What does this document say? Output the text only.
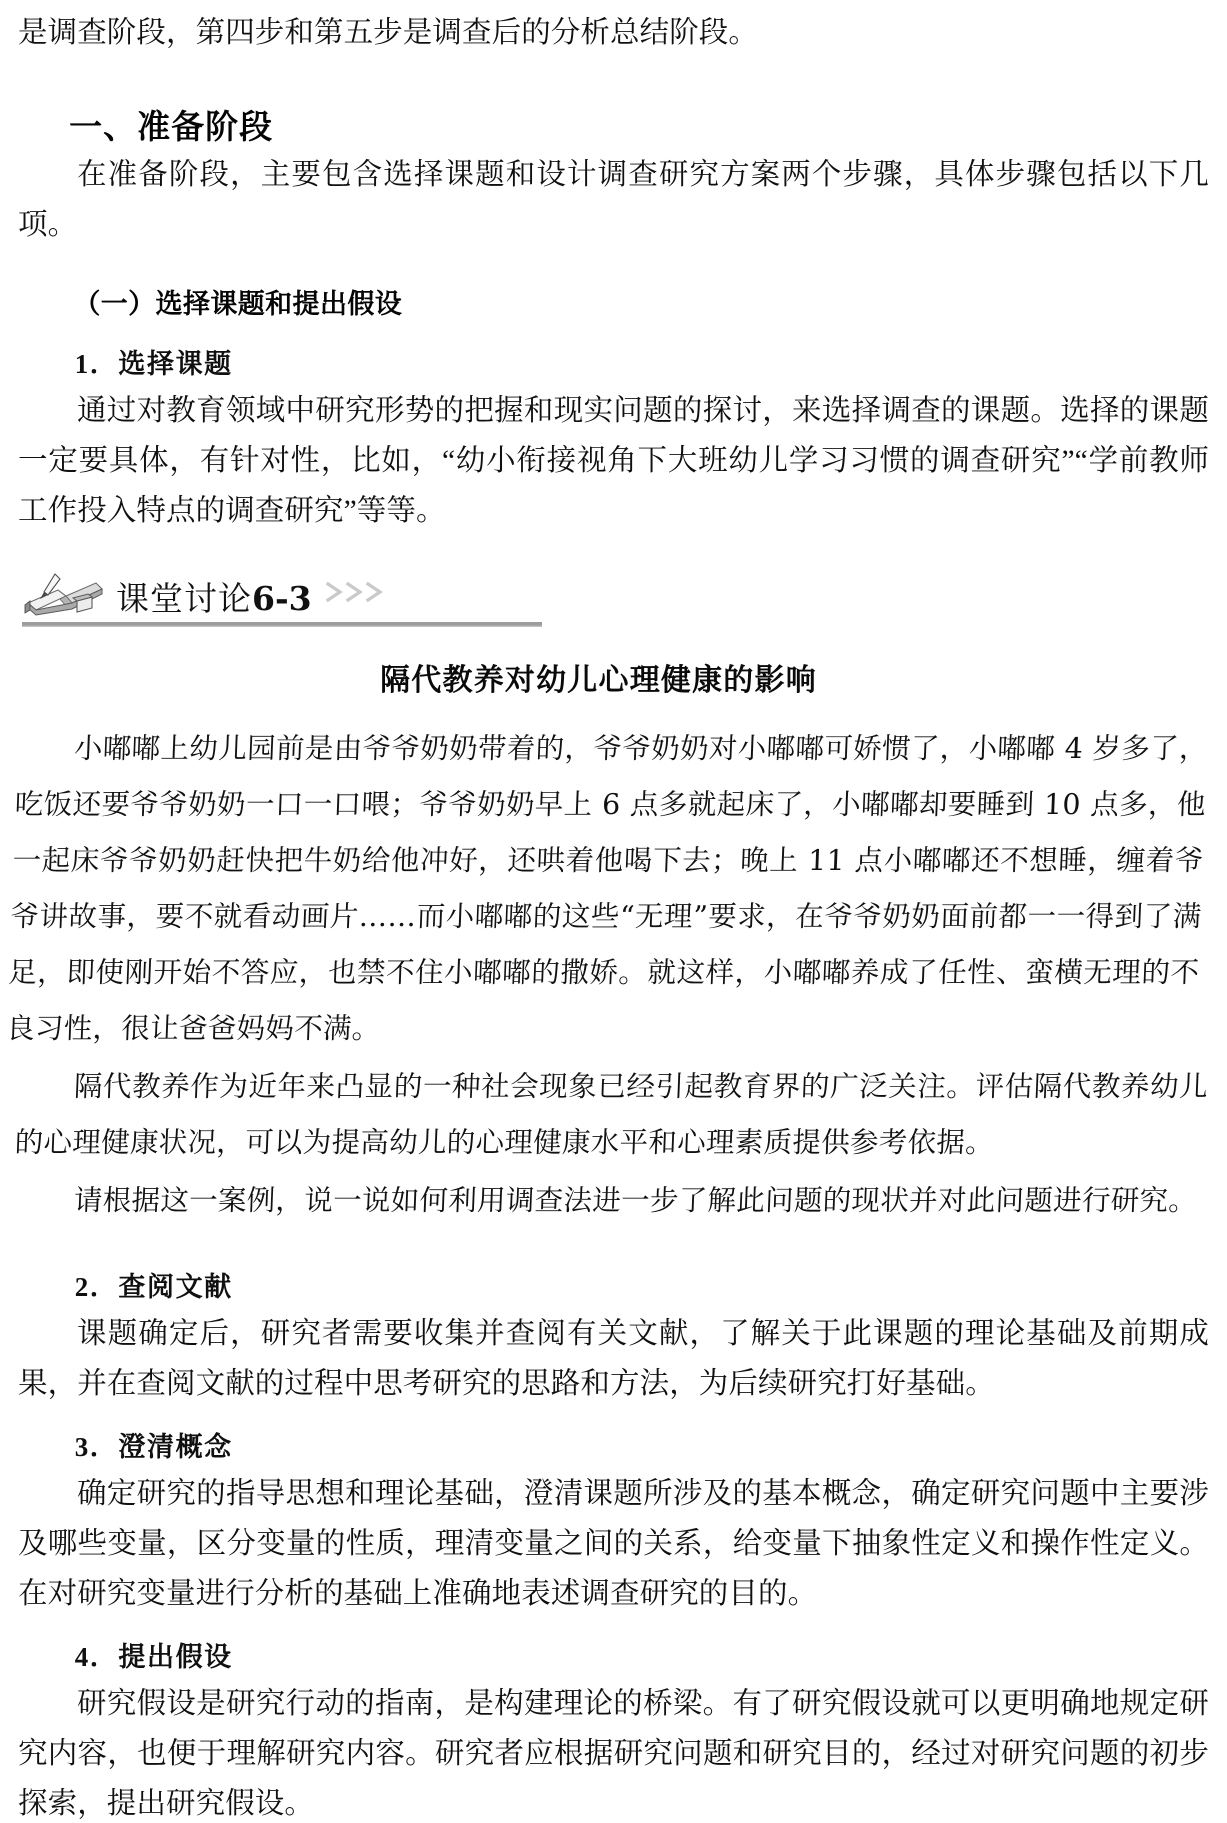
是调查阶段，第四步和第五步是调查后的分析总结阶段。

一、准备阶段

在准备阶段，主要包含选择课题和设计调查研究方案两个步骤，具体步骤包括以下几项。

（一）选择课题和提出假设
1．选择课题

通过对教育领域中研究形势的把握和现实问题的探讨，来选择调查的课题。选择的课题一定要具体，有针对性，比如，“幼小衔接视角下大班幼儿学习习惯的调查研究”“学前教师工作投入特点的调查研究”等等。

课堂讨论6-3
隔代教养对幼儿心理健康的影响

小嘟嘟上幼儿园前是由爷爷奶奶带着的，爷爷奶奶对小嘟嘟可娇惯了，小嘟嘟 4 岁多了，吃饭还要爷爷奶奶一口一口喂；爷爷奶奶早上 6 点多就起床了，小嘟嘟却要睡到 10 点多，他一起床爷爷奶奶赶快把牛奶给他冲好，还哄着他喝下去；晚上 11 点小嘟嘟还不想睡，缠着爷爷讲故事，要不就看动画片……而小嘟嘟的这些“无理”要求，在爷爷奶奶面前都一一得到了满足，即使刚开始不答应，也禁不住小嘟嘟的撒娇。就这样，小嘟嘟养成了任性、蛮横无理的不良习性，很让爸爸妈妈不满。

隔代教养作为近年来凸显的一种社会现象已经引起教育界的广泛关注。评估隔代教养幼儿的心理健康状况，可以为提高幼儿的心理健康水平和心理素质提供参考依据。

请根据这一案例，说一说如何利用调查法进一步了解此问题的现状并对此问题进行研究。

2．查阅文献

课题确定后，研究者需要收集并查阅有关文献，了解关于此课题的理论基础及前期成果，并在查阅文献的过程中思考研究的思路和方法，为后续研究打好基础。

3．澄清概念

确定研究的指导思想和理论基础，澄清课题所涉及的基本概念，确定研究问题中主要涉及哪些变量，区分变量的性质，理清变量之间的关系，给变量下抽象性定义和操作性定义。在对研究变量进行分析的基础上准确地表述调查研究的目的。

4．提出假设

研究假设是研究行动的指南，是构建理论的桥梁。有了研究假设就可以更明确地规定研究内容，也便于理解研究内容。研究者应根据研究问题和研究目的，经过对研究问题的初步探索，提出研究假设。
